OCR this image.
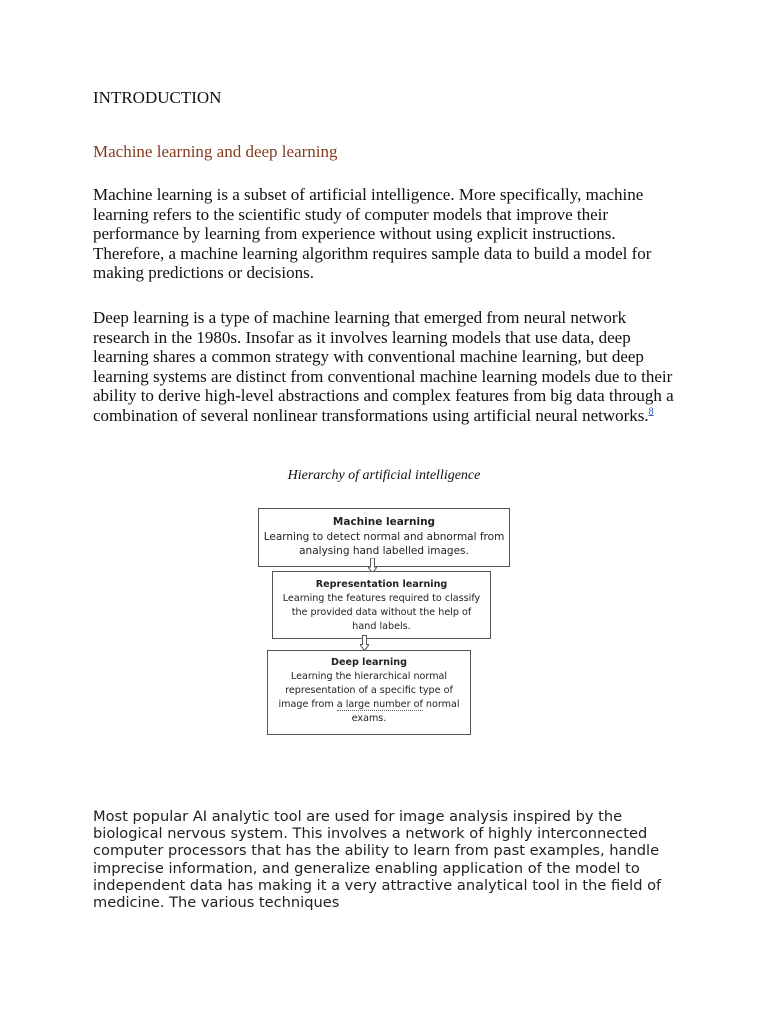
INTRODUCTION
Machine learning and deep learning

Machine learning is a subset of artificial intelligence. More specifically, machine learning refers to the scientific study of computer models that improve their performance by learning from experience without using explicit instructions. Therefore, a machine learning algorithm requires sample data to build a model for making predictions or decisions.

Deep learning is a type of machine learning that emerged from neural network research in the 1980s. Insofar as it involves learning models that use data, deep learning shares a common strategy with conventional machine learning, but deep learning systems are distinct from conventional machine learning models due to their ability to derive high-level abstractions and complex features from big data through a combination of several nonlinear transformations using artificial neural networks.$^8$

Hierarchy of artificial intelligence
Machine learning
Learning to detect normal and abnormal from
analysing hand labelled images.
Representation learning
Learning the features required to classify
the provided data without the help of
hand labels.
Deep learning
Learning the hierarchical normal
representation of a specific type of
image from a large number of normal
exams.

Most popular AI analytic tool are used for image analysis inspired by the biological nervous system. This involves a network of highly interconnected computer processors that has the ability to learn from past examples, handle imprecise information, and generalize enabling application of the model to independent data has making it a very attractive analytical tool in the field of medicine. The various techniques
